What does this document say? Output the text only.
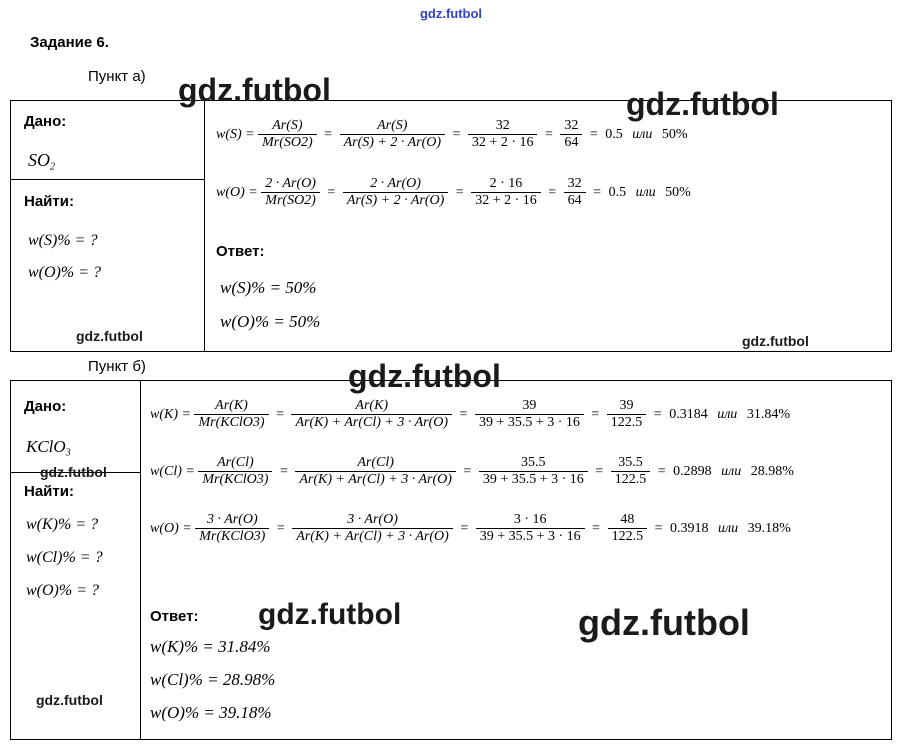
gdz.futbol
Задание 6.
Пункт а)
Пункт б)
Дано:
$SO_2$
Найти:
w(S)% = ?
w(O)% = ?
$w(S) = \frac{Ar(S)}{Mr(SO2)} = \frac{Ar(S)}{Ar(S) + 2 \cdot Ar(O)} = \frac{32}{32 + 2 \cdot 16} = \frac{32}{64} = 0.5$ или 50%
$w(O) = \frac{2 \cdot Ar(O)}{Mr(SO2)} = \frac{2 \cdot Ar(O)}{Ar(S) + 2 \cdot Ar(O)} = \frac{2 \cdot 16}{32 + 2 \cdot 16} = \frac{32}{64} = 0.5$ или 50%
Ответ:
w(S)% = 50%
w(O)% = 50%
Дано:
KClO$_3$
Найти:
w(K)% = ?
w(Cl)% = ?
w(O)% = ?
$w(K) = \frac{Ar(K)}{\text{Mr(KClO3)}} = \frac{Ar(K)}{Ar(K) + Ar(Cl) + 3 \cdot Ar(O)} = \frac{39}{39 + 35.5 + 3 \cdot 16} = \frac{39}{122.5} = 0.3184$ или 31.84%
$w(Cl) = \frac{Ar(Cl)}{\text{Mr(KClO3)}} = \frac{Ar(Cl)}{Ar(K) + Ar(Cl) + 3 \cdot Ar(O)} = \frac{35.5}{39 + 35.5 + 3 \cdot 16} = \frac{35.5}{122.5} = 0.2898$ или 28.98%
$w(O) = \frac{3 \cdot Ar(O)}{\text{Mr(KClO3)}} = \frac{3 \cdot Ar(O)}{Ar(K) + Ar(Cl) + 3 \cdot Ar(O)} = \frac{3 \cdot 16}{39 + 35.5 + 3 \cdot 16} = \frac{48}{122.5} = 0.3918$ или 39.18%
Ответ:
w(K)% = 31.84%
w(Cl)% = 28.98%
w(O)% = 39.18%
gdz.futbol	gdz.futbol
gdz.futbol	gdz.futbol
gdz.futbol
gdz.futbol
gdz.futbol	gdz.futbol
gdz.futbol
